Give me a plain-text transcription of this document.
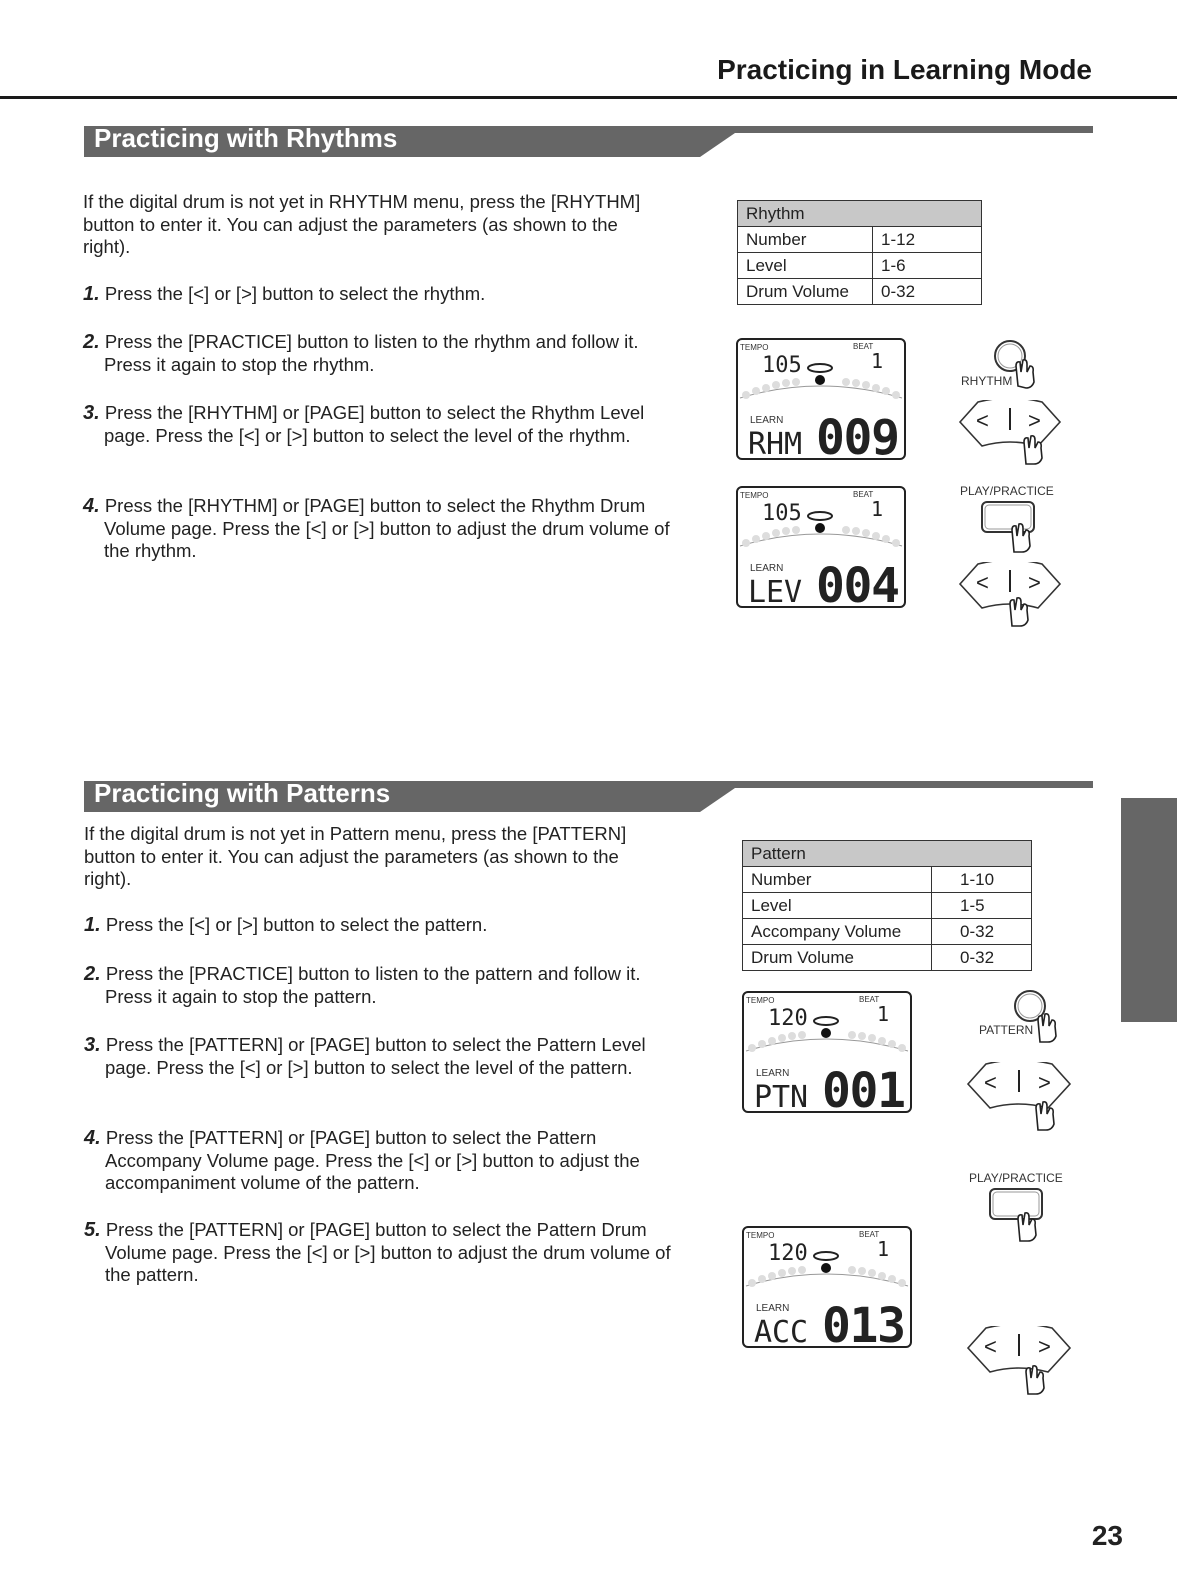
Practicing in Learning Mode
Practicing with Rhythms

If the digital drum is not yet in RHYTHM menu, press the [RHYTHM] button to enter it. You can adjust the parameters (as shown to the right).

1. Press the [<] or [>] button to select the rhythm.

2. Press the [PRACTICE] button to listen to the rhythm and follow it. Press it again to stop the rhythm.

3. Press the [RHYTHM] or [PAGE] button to select the Rhythm Level page. Press the [<] or [>] button to select the level of the rhythm.

4. Press the [RHYTHM] or [PAGE] button to select the Rhythm Drum Volume page. Press the [<] or [>] button to adjust the drum volume of the rhythm.

Rhythm	
Number	1-12
Level	1-6
Drum Volume	0-32
TEMPO	BEAT
105	1
LEARN
RHM 009
TEMPO	BEAT
105	1
LEARN
LEV 004
RHYTHM
< >
PLAY/PRACTICE
< >
Practicing with Patterns

If the digital drum is not yet in Pattern menu, press the [PATTERN] button to enter it. You can adjust the parameters (as shown to the right).

1. Press the [<] or [>] button to select the pattern.

2. Press the [PRACTICE] button to listen to the pattern and follow it. Press it again to stop the pattern.

3. Press the [PATTERN] or [PAGE] button to select the Pattern Level page. Press the [<] or [>] button to select the level of the pattern.

4. Press the [PATTERN] or [PAGE] button to select the Pattern Accompany Volume page. Press the [<] or [>] button to adjust the accompaniment volume of the pattern.

5. Press the [PATTERN] or [PAGE] button to select the Pattern Drum Volume page. Press the [<] or [>] button to adjust the drum volume of the pattern.

Pattern	
Number	1-10
Level	1-5
Accompany Volume	0-32
Drum Volume	0-32
TEMPO	BEAT
120	1
LEARN
PTN 001
TEMPO	BEAT
120	1
LEARN
ACC 013
PATTERN
< >
PLAY/PRACTICE
< >
23
